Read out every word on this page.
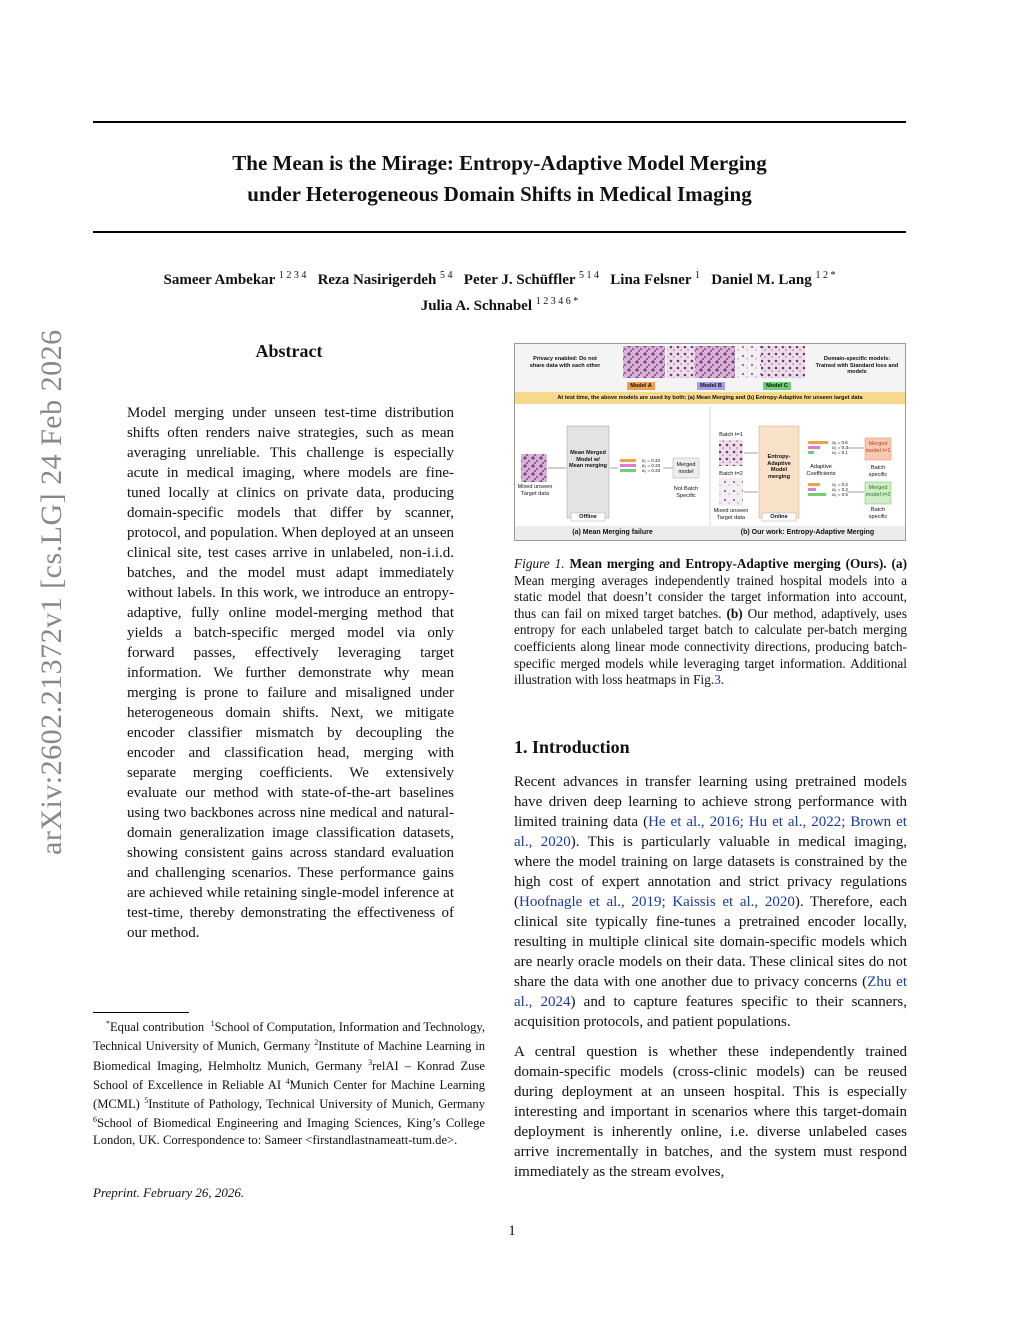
The Mean is the Mirage: Entropy-Adaptive Model Merging
under Heterogeneous Domain Shifts in Medical Imaging
Sameer Ambekar $^{1 2 3 4}$ Reza Nasirigerdeh $^{5 4}$ Peter J. Schüffler $^{5 1 4}$ Lina Felsner $^1$ Daniel M. Lang $^{1 2 *}$
Julia A. Schnabel $^{1 2 3 4 6 *}$
arXiv:2602.21372v1 [cs.LG] 24 Feb 2026	Abstract
Model merging under unseen test-time distribution shifts often renders naive strategies, such as mean averaging unreliable. This challenge is especially acute in medical imaging, where models are fine-tuned locally at clinics on private data, producing domain-specific models that differ by scanner, protocol, and population. When deployed at an unseen clinical site, test cases arrive in unlabeled, non-i.i.d. batches, and the model must adapt immediately without labels. In this work, we introduce an entropy-adaptive, fully online model-merging method that yields a batch-specific merged model via only forward passes, effectively leveraging target information. We further demonstrate why mean merging is prone to failure and misaligned under heterogeneous domain shifts. Next, we mitigate encoder classifier mismatch by decoupling the encoder and classification head, merging with separate merging coefficients. We extensively evaluate our method with state-of-the-art baselines using two backbones across nine medical and natural-domain generalization image classification datasets, showing consistent gains across standard evaluation and challenging scenarios. These performance gains are achieved while retaining single-model inference at test-time, thereby demonstrating the effectiveness of our method.
*Equal contribution $^1$School of Computation, Information and Technology, Technical University of Munich, Germany $^2$Institute of Machine Learning in Biomedical Imaging, Helmholtz Munich, Germany $^3$relAI – Konrad Zuse School of Excellence in Reliable AI $^4$Munich Center for Machine Learning (MCML) $^5$Institute of Pathology, Technical University of Munich, Germany $^6$School of Biomedical Engineering and Imaging Sciences, King’s College London, UK. Correspondence to: Sameer <firstandlastnameatt-tum.de>.
Preprint. February 26, 2026.
1
Privacy enabled: Do not share data with each other
Domain-specific models: Trained with Standard loss and models
Model A	Model B	Model C
At test time, the above models are used by both: (a) Mean Merging and (b) Entropy-Adaptive for unseen target data
Mixed unseen Target data
Mean Merged Model w/ Mean merging
Offline
α₁ = 0.33
α₂ = 0.33
α₃ = 0.33
Merged model
Not Batch Specific
Batch t=1
Batch t=2
Mixed unseen Target data
Entropy-Adaptive Model merging
Online
Adaptive Coefficients
α₁ = 0.6
α₂ = 0.3
α₃ = 0.1
α₁ = 0.3
α₂ = 0.2
α₃ = 0.5
Merged model t=1
Merged model t=2
Batch specific
Batch specific
(a) Mean Merging failure	(b) Our work: Entropy-Adaptive Merging
Figure 1. Mean merging and Entropy-Adaptive merging (Ours). (a) Mean merging averages independently trained hospital models into a static model that doesn’t consider the target information into account, thus can fail on mixed target batches. (b) Our method, adaptively, uses entropy for each unlabeled target batch to calculate per-batch merging coefficients along linear mode connectivity directions, producing batch-specific merged models while leveraging target information. Additional illustration with loss heatmaps in Fig.3.
1. Introduction

Recent advances in transfer learning using pretrained models have driven deep learning to achieve strong performance with limited training data (He et al., 2016; Hu et al., 2022; Brown et al., 2020). This is particularly valuable in medical imaging, where the model training on large datasets is constrained by the high cost of expert annotation and strict privacy regulations (Hoofnagle et al., 2019; Kaissis et al., 2020). Therefore, each clinical site typically fine-tunes a pretrained encoder locally, resulting in multiple clinical site domain-specific models which are nearly oracle models on their data. These clinical sites do not share the data with one another due to privacy concerns (Zhu et al., 2024) and to capture features specific to their scanners, acquisition protocols, and patient populations.

A central question is whether these independently trained domain-specific models (cross-clinic models) can be reused during deployment at an unseen hospital. This is especially interesting and important in scenarios where this target-domain deployment is inherently online, i.e. diverse unlabeled cases arrive incrementally in batches, and the system must respond immediately as the stream evolves,
